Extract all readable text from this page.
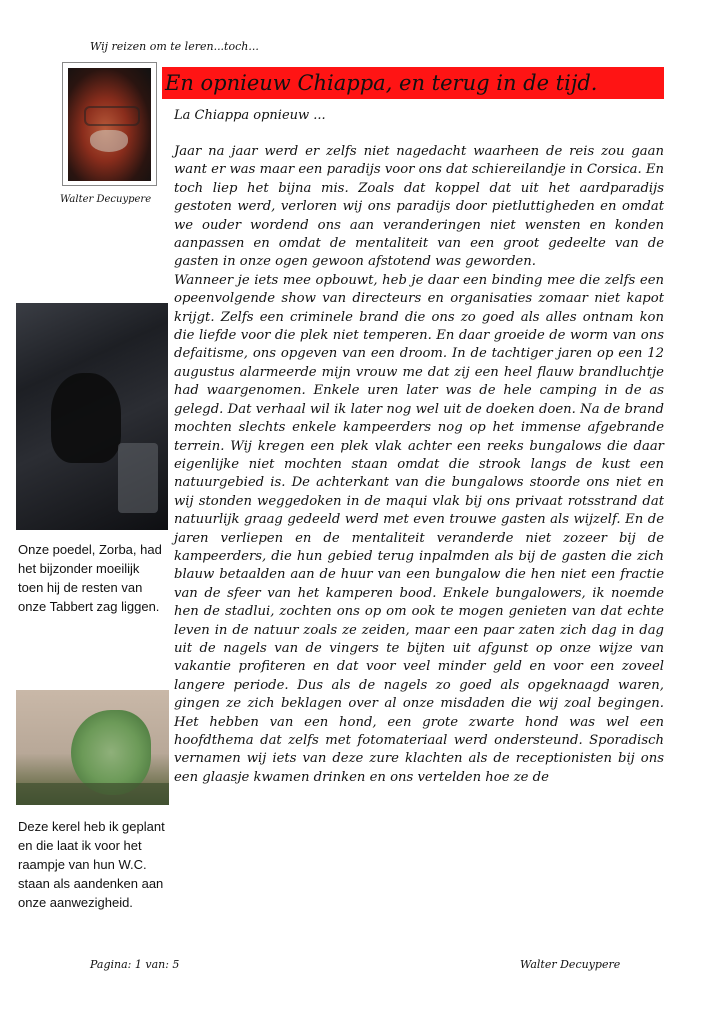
Wij reizen om te leren...toch...
Walter Decuypere
En opnieuw Chiappa, en terug in de tijd.
La Chiappa opnieuw ...

Jaar na jaar werd er zelfs niet nagedacht waarheen de reis zou gaan want er was maar een paradijs voor ons dat schiereilandje in Corsica. En toch liep het bijna mis. Zoals dat koppel dat uit het aardparadijs gestoten werd, verloren wij ons paradijs door pietluttigheden en omdat we ouder wordend ons aan veranderingen niet wensten en konden aanpassen en omdat de mentaliteit van een groot gedeelte van de gasten in onze ogen gewoon afstotend was geworden.

Wanneer je iets mee opbouwt, heb je daar een binding mee die zelfs een opeenvolgende show van directeurs en organisaties zomaar niet kapot krijgt. Zelfs een criminele brand die ons zo goed als alles ontnam kon die liefde voor die plek niet temperen. En daar groeide de worm van ons defaitisme, ons opgeven van een droom. In de tachtiger jaren op een 12 augustus alarmeerde mijn vrouw me dat zij een heel flauw brandluchtje had waargenomen. Enkele uren later was de hele camping in de as gelegd. Dat verhaal wil ik later nog wel uit de doeken doen. Na de brand mochten slechts enkele kampeerders nog op het immense afgebrande terrein. Wij kregen een plek vlak achter een reeks bungalows die daar eigenlijke niet mochten staan omdat die strook langs de kust een natuurgebied is. De achterkant van die bungalows stoorde ons niet en wij stonden weggedoken in de maqui vlak bij ons privaat rotsstrand dat natuurlijk graag gedeeld werd met even trouwe gasten als wijzelf. En de jaren verliepen en de mentaliteit veranderde niet zozeer bij de kampeerders, die hun gebied terug inpalmden als bij de gasten die zich blauw betaalden aan de huur van een bungalow die hen niet een fractie van de sfeer van het kamperen bood. Enkele bungalowers, ik noemde hen de stadlui, zochten ons op om ook te mogen genieten van dat echte leven in de natuur zoals ze zeiden, maar een paar zaten zich dag in dag uit de nagels van de vingers te bijten uit afgunst op onze wijze van vakantie profiteren en dat voor veel minder geld en voor een zoveel langere periode. Dus als de nagels zo goed als opgeknaagd waren, gingen ze zich beklagen over al onze misdaden die wij zoal begingen. Het hebben van een hond, een grote zwarte hond was wel een hoofdthema dat zelfs met fotomateriaal werd ondersteund. Sporadisch vernamen wij iets van deze zure klachten als de receptionisten bij ons een glaasje kwamen drinken en ons vertelden hoe ze de

Onze poedel, Zorba, had het bijzonder moeilijk toen hij de resten van onze Tabbert zag liggen.
Deze kerel heb ik geplant en die laat ik voor het raampje van hun W.C. staan als aandenken aan onze aanwezigheid.
Pagina: 1 van: 5	Walter Decuypere
